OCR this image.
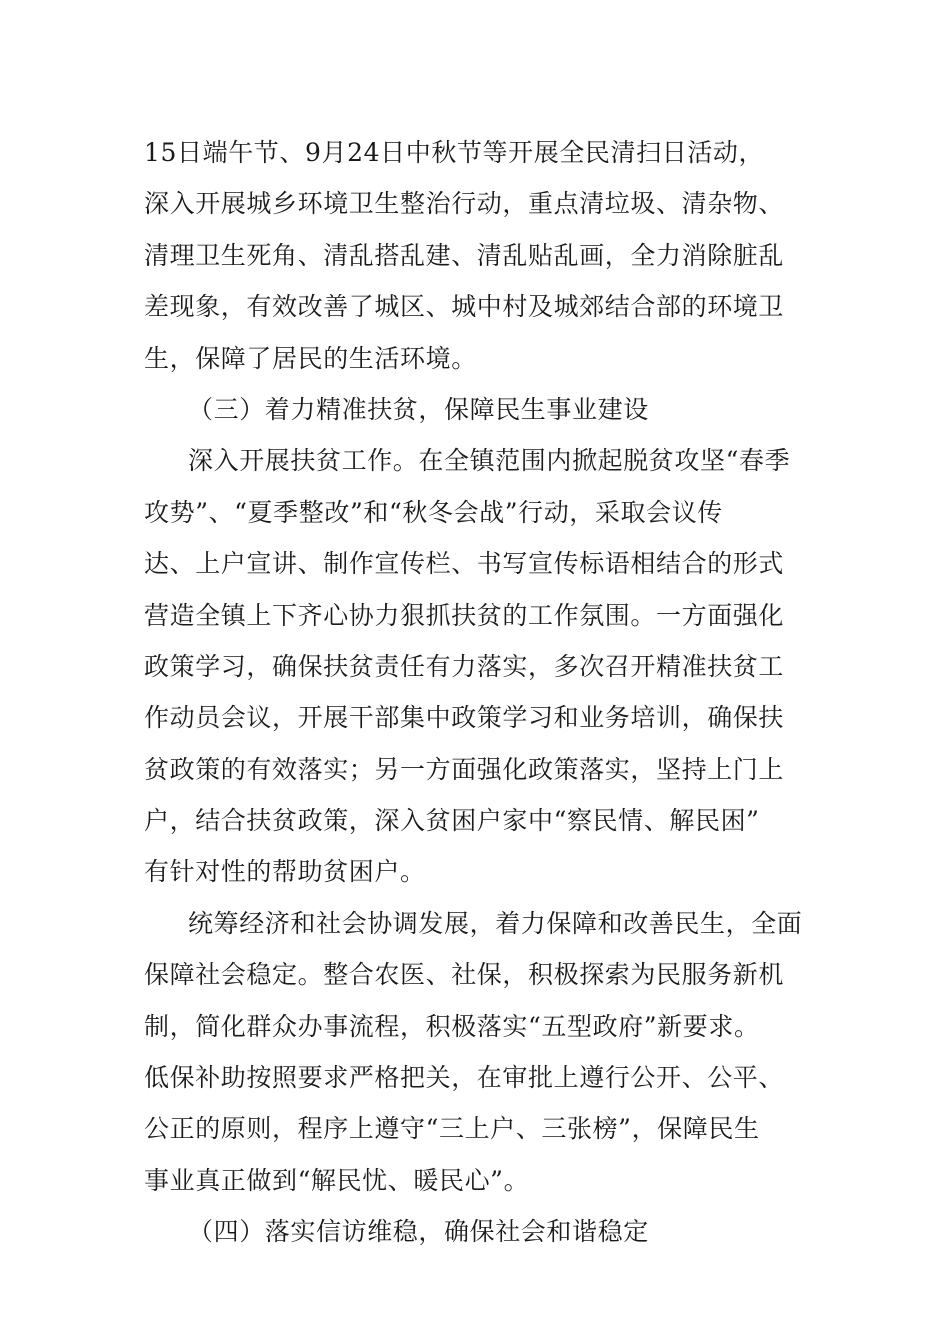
15日端午节、9月24日中秋节等开展全民清扫日活动，
深入开展城乡环境卫生整治行动，重点清垃圾、清杂物、
清理卫生死角、清乱搭乱建、清乱贴乱画，全力消除脏乱
差现象，有效改善了城区、城中村及城郊结合部的环境卫
生，保障了居民的生活环境。
（三）着力精准扶贫，保障民生事业建设
深入开展扶贫工作。在全镇范围内掀起脱贫攻坚“春季
攻势”、“夏季整改”和“秋冬会战”行动，采取会议传
达、上户宣讲、制作宣传栏、书写宣传标语相结合的形式
营造全镇上下齐心协力狠抓扶贫的工作氛围。一方面强化
政策学习，确保扶贫责任有力落实，多次召开精准扶贫工
作动员会议，开展干部集中政策学习和业务培训，确保扶
贫政策的有效落实；另一方面强化政策落实，坚持上门上
户，结合扶贫政策，深入贫困户家中“察民情、解民困”
有针对性的帮助贫困户。
统筹经济和社会协调发展，着力保障和改善民生，全面
保障社会稳定。整合农医、社保，积极探索为民服务新机
制，简化群众办事流程，积极落实“五型政府”新要求。
低保补助按照要求严格把关，在审批上遵行公开、公平、
公正的原则，程序上遵守“三上户、三张榜”，保障民生
事业真正做到“解民忧、暖民心”。
（四）落实信访维稳，确保社会和谐稳定
